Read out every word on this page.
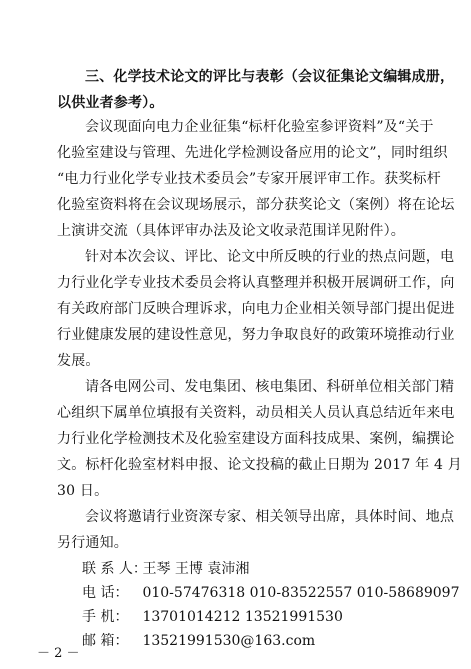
三、化学技术论文的评比与表彰（会议征集论文编辑成册，
以供业者参考）。
会议现面向电力企业征集“标杆化验室参评资料”及“关于
化验室建设与管理、先进化学检测设备应用的论文”，同时组织
“电力行业化学专业技术委员会”专家开展评审工作。获奖标杆
化验室资料将在会议现场展示，部分获奖论文（案例）将在论坛
上演讲交流（具体评审办法及论文收录范围详见附件）。
针对本次会议、评比、论文中所反映的行业的热点问题，电
力行业化学专业技术委员会将认真整理并积极开展调研工作，向
有关政府部门反映合理诉求，向电力企业相关领导部门提出促进
行业健康发展的建设性意见，努力争取良好的政策环境推动行业
发展。
请各电网公司、发电集团、核电集团、科研单位相关部门精
心组织下属单位填报有关资料，动员相关人员认真总结近年来电
力行业化学检测技术及化验室建设方面科技成果、案例，编撰论
文。标杆化验室材料申报、论文投稿的截止日期为 2017 年 4 月
30 日。
会议将邀请行业资深专家、相关领导出席，具体时间、地点
另行通知。
联 系 人： 王琴 王博 袁沛湘
电 话： 010-57476318 010-83522557 010-58689097
手 机： 13701014212 13521991530
邮 箱： 13521991530@163.com
－ 2 －
